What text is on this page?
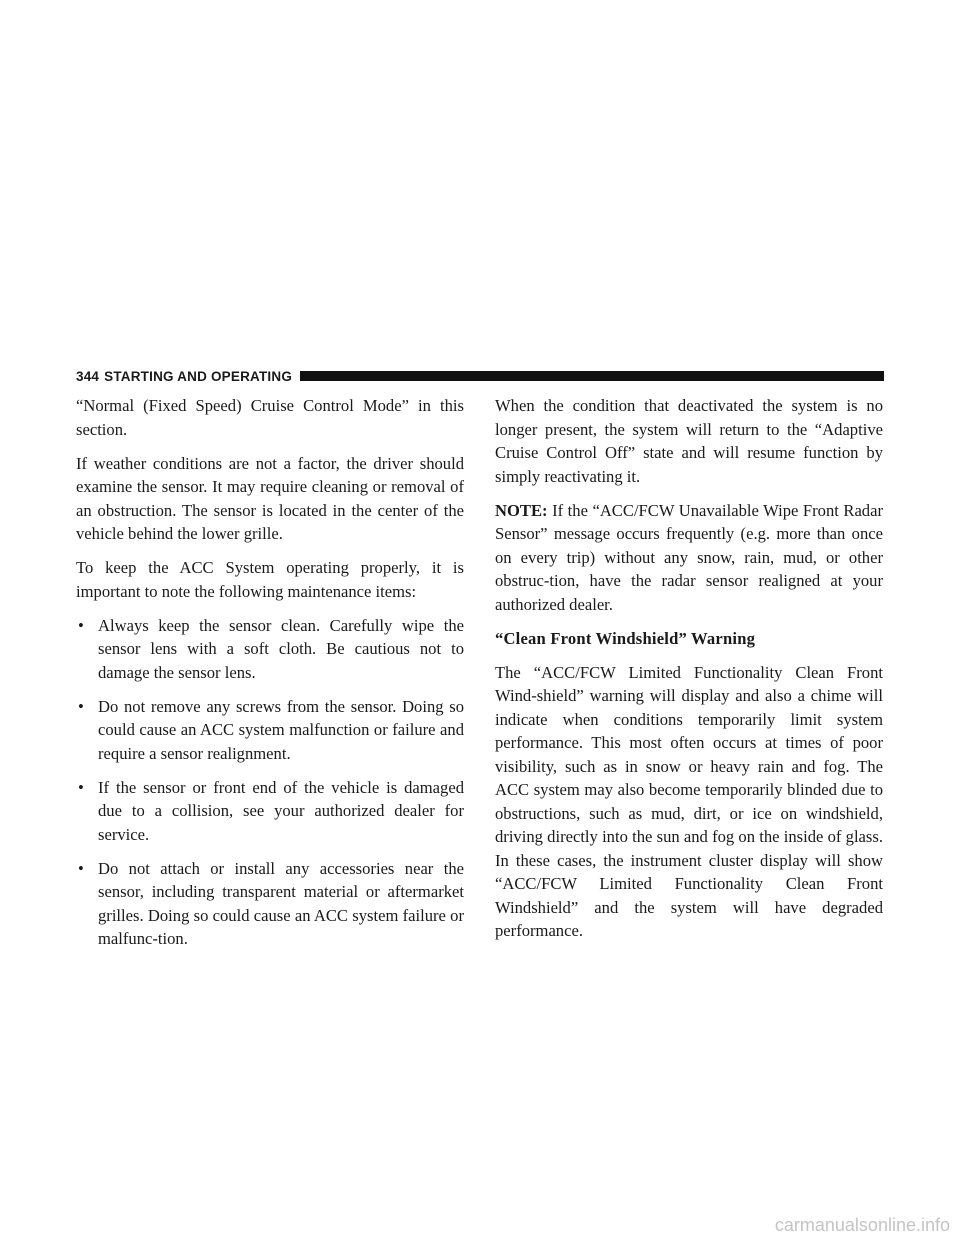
344 STARTING AND OPERATING

“Normal (Fixed Speed) Cruise Control Mode” in this section.

If weather conditions are not a factor, the driver should examine the sensor. It may require cleaning or removal of an obstruction. The sensor is located in the center of the vehicle behind the lower grille.

To keep the ACC System operating properly, it is important to note the following maintenance items:

• Always keep the sensor clean. Carefully wipe the sensor lens with a soft cloth. Be cautious not to damage the sensor lens.
• Do not remove any screws from the sensor. Doing so could cause an ACC system malfunction or failure and require a sensor realignment.
• If the sensor or front end of the vehicle is damaged due to a collision, see your authorized dealer for service.
• Do not attach or install any accessories near the sensor, including transparent material or aftermarket grilles. Doing so could cause an ACC system failure or malfunc-tion.

When the condition that deactivated the system is no longer present, the system will return to the “Adaptive Cruise Control Off” state and will resume function by simply reactivating it.

NOTE: If the “ACC/FCW Unavailable Wipe Front Radar Sensor” message occurs frequently (e.g. more than once on every trip) without any snow, rain, mud, or other obstruc-tion, have the radar sensor realigned at your authorized dealer.

“Clean Front Windshield” Warning

The “ACC/FCW Limited Functionality Clean Front Wind-shield” warning will display and also a chime will indicate when conditions temporarily limit system performance. This most often occurs at times of poor visibility, such as in snow or heavy rain and fog. The ACC system may also become temporarily blinded due to obstructions, such as mud, dirt, or ice on windshield, driving directly into the sun and fog on the inside of glass. In these cases, the instrument cluster display will show “ACC/FCW Limited Functionality Clean Front Windshield” and the system will have degraded performance.

carmanualsonline.info
